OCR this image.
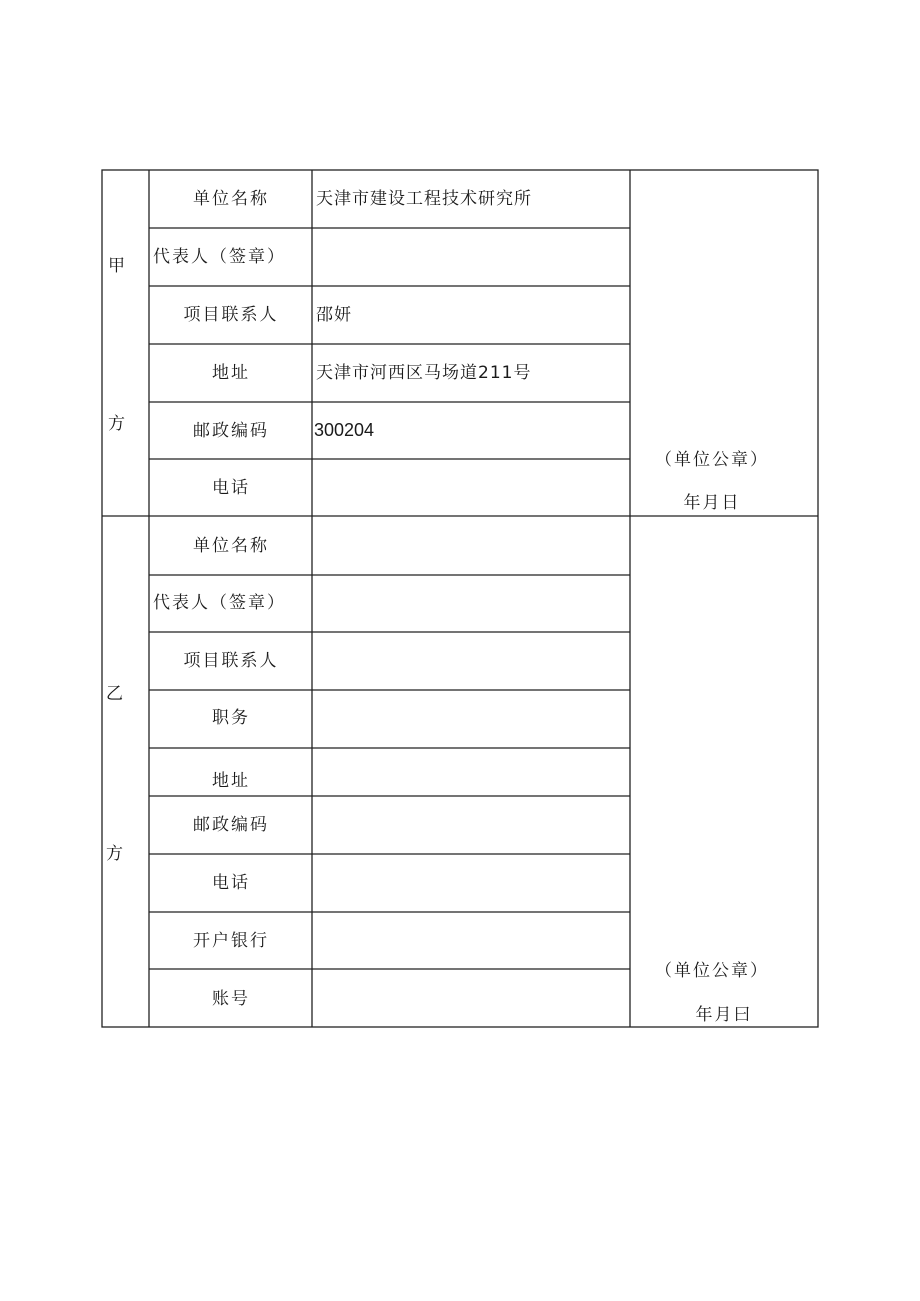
甲
方
单位名称	天津市建设工程技术研究所
代表人（签章）
项目联系人 邵妍
地址	天津市河西区马场道211号
邮政编码	300204
电话
（单位公章）
年月日
乙
方
单位名称
代表人（签章）
项目联系人
职务
地址
邮政编码
电话
开户银行
账号
（单位公章）
年月曰
